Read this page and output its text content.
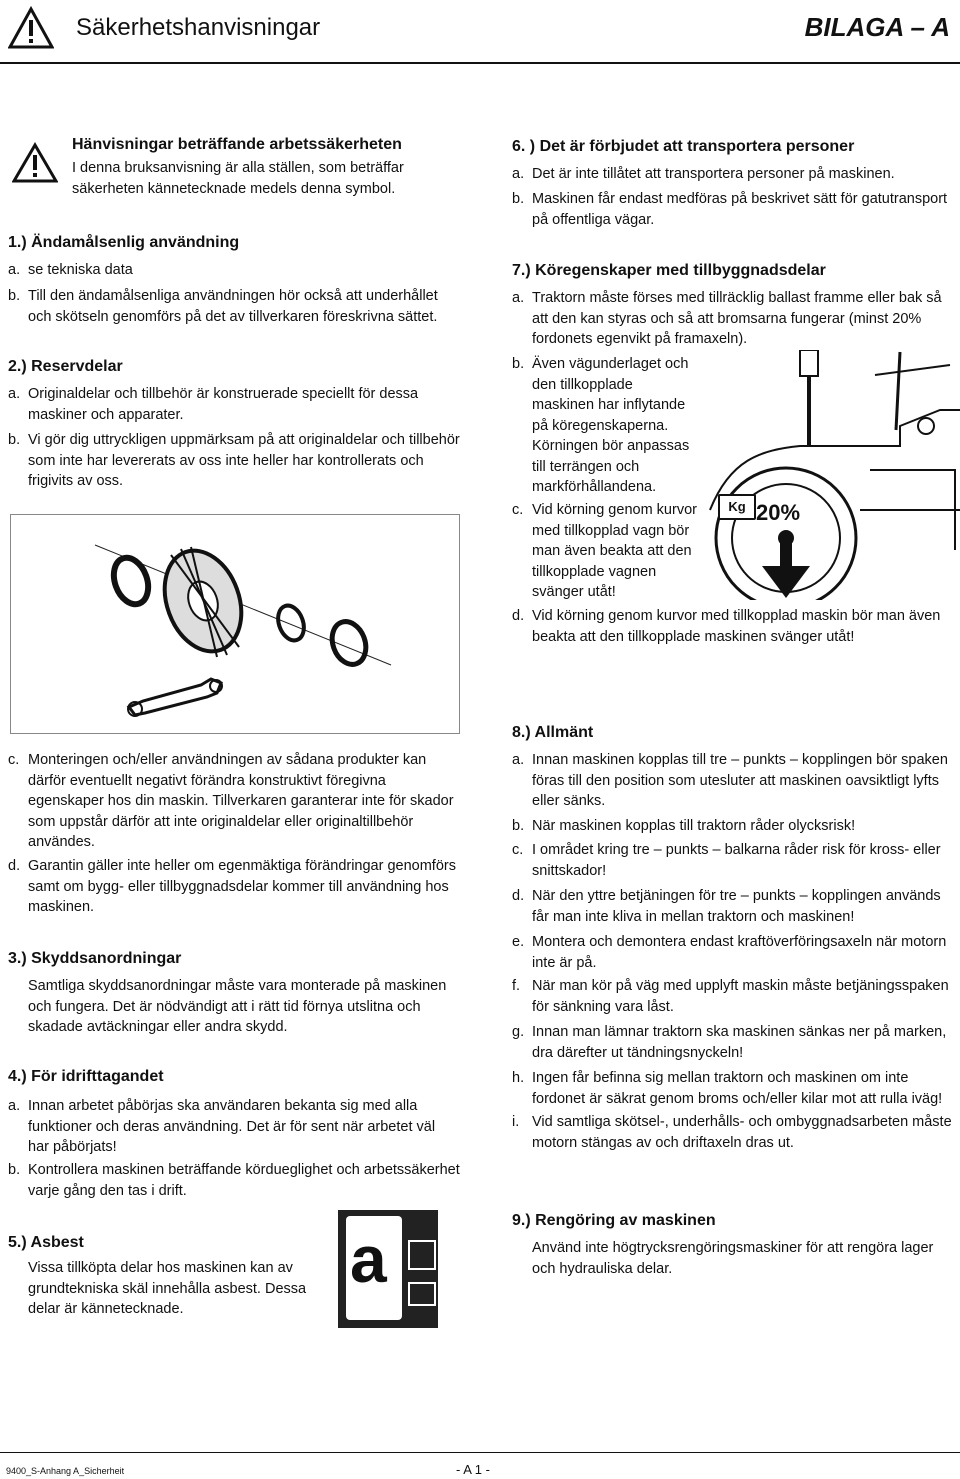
Säkerhetshanvisningar	BILAGA – A
Hänvisningar beträffande arbetssäkerheten
I denna bruksanvisning är alla ställen, som beträffar säkerheten kännetecknade medels denna symbol.
1.) Ändamålsenlig användning
a. se tekniska data
b. Till den ändamålsenliga användningen hör också att underhållet och skötseln genomförs på det av tillverkaren föreskrivna sättet.
2.) Reservdelar
a. Originaldelar och tillbehör är konstruerade speciellt för dessa maskiner och apparater.
b. Vi gör dig uttryckligen uppmärksam på att originaldelar och tillbehör som inte har levererats av oss inte heller har kontrollerats och frigivits av oss.
c. Monteringen och/eller användningen av sådana produkter kan därför eventuellt negativt förändra konstruktivt föregivna egenskaper hos din maskin. Tillverkaren garanterar inte för skador som uppstår därför att inte originaldelar eller originaltillbehör användes.
d. Garantin gäller inte heller om egenmäktiga förändringar genomförs samt om bygg- eller tillbyggnadsdelar kommer till användning hos maskinen.
3.) Skyddsanordningar
Samtliga skyddsanordningar måste vara monterade på maskinen och fungera. Det är nödvändigt att i rätt tid förnya utslitna och skadade avtäckningar eller andra skydd.
4.) För idrifttagandet
a. Innan arbetet påbörjas ska användaren bekanta sig med alla funktioner och deras användning. Det är för sent när arbetet väl har påbörjats!
b. Kontrollera maskinen beträffande kördueglighet och arbetssäkerhet varje gång den tas i drift.
5.) Asbest
Vissa tillköpta delar hos maskinen kan av grundtekniska skäl innehålla asbest. Dessa delar är kännetecknade.
a
6. ) Det är förbjudet att transportera personer
a. Det är inte tillåtet att transportera personer på maskinen.
b. Maskinen får endast medföras på beskrivet sätt för gatutransport på offentliga vägar.
7.) Köregenskaper med tillbyggnadsdelar
a. Traktorn måste förses med tillräcklig ballast framme eller bak så att den kan styras och så att bromsarna fungerar (minst 20% fordonets egenvikt på framaxeln).
b. Även vägunderlaget och den tillkopplade maskinen har inflytande på köregenskaperna. Körningen bör anpassas till terrängen och markförhållandena.
c. Vid körning genom kurvor med tillkopplad vagn bör man även beakta att den tillkopplade vagnen svänger utåt!
d. Vid körning genom kurvor med tillkopplad maskin bör man även beakta att den tillkopplade maskinen svänger utåt!
Kg 20%
8.) Allmänt
a. Innan maskinen kopplas till tre – punkts – kopplingen bör spaken föras till den position som utesluter att maskinen oavsiktligt lyfts eller sänks.
b. När maskinen kopplas till traktorn råder olycksrisk!
c. I området kring tre – punkts – balkarna råder risk för kross- eller snittskador!
d. När den yttre betjäningen för tre – punkts – kopplingen används får man inte kliva in mellan traktorn och maskinen!
e. Montera och demontera endast kraftöverföringsaxeln när motorn inte är på.
f. När man kör på väg med upplyft maskin måste betjäningsspaken för sänkning vara låst.
g. Innan man lämnar traktorn ska maskinen sänkas ner på marken, dra därefter ut tändningsnyckeln!
h. Ingen får befinna sig mellan traktorn och maskinen om inte fordonet är säkrat genom broms och/eller kilar mot att rulla iväg!
i. Vid samtliga skötsel-, underhålls- och ombyggnadsarbeten måste motorn stängas av och driftaxeln dras ut.
9.) Rengöring av maskinen
Använd inte högtrycksrengöringsmaskiner för att rengöra lager och hydrauliska delar.
9400_S-Anhang A_Sicherheit	- A 1 -
